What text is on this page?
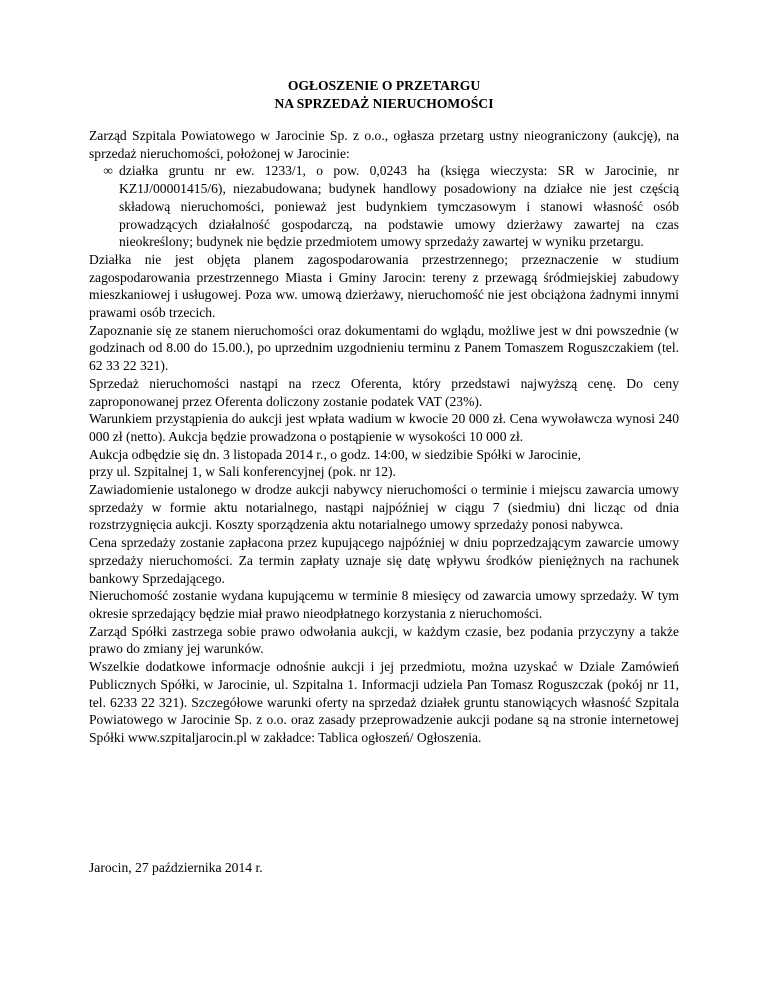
OGŁOSZENIE O PRZETARGU
NA SPRZEDAŻ NIERUCHOMOŚCI

Zarząd Szpitala Powiatowego w Jarocinie Sp. z o.o., ogłasza przetarg ustny nieograniczony (aukcję), na sprzedaż nieruchomości, położonej w Jarocinie:

∞ działka gruntu nr ew. 1233/1, o pow. 0,0243 ha (księga wieczysta: SR w Jarocinie, nr KZ1J/00001415/6), niezabudowana; budynek handlowy posadowiony na działce nie jest częścią składową nieruchomości, ponieważ jest budynkiem tymczasowym i stanowi własność osób prowadzących działalność gospodarczą, na podstawie umowy dzierżawy zawartej na czas nieokreślony; budynek nie będzie przedmiotem umowy sprzedaży zawartej w wyniku przetargu.

Działka nie jest objęta planem zagospodarowania przestrzennego; przeznaczenie w studium zagospodarowania przestrzennego Miasta i Gminy Jarocin: tereny z przewagą śródmiejskiej zabudowy mieszkaniowej i usługowej. Poza ww. umową dzierżawy, nieruchomość nie jest obciążona żadnymi innymi prawami osób trzecich.

Zapoznanie się ze stanem nieruchomości oraz dokumentami do wglądu, możliwe jest w dni powszednie (w godzinach od 8.00 do 15.00.), po uprzednim uzgodnieniu terminu z Panem Tomaszem Roguszczakiem (tel. 62 33 22 321).

Sprzedaż nieruchomości nastąpi na rzecz Oferenta, który przedstawi najwyższą cenę. Do ceny zaproponowanej przez Oferenta doliczony zostanie podatek VAT (23%).

Warunkiem przystąpienia do aukcji jest wpłata wadium w kwocie 20 000 zł. Cena wywoławcza wynosi 240 000 zł (netto). Aukcja będzie prowadzona o postąpienie w wysokości 10 000 zł.

Aukcja odbędzie się dn. 3 listopada 2014 r., o godz. 14:00, w siedzibie Spółki w Jarocinie,
przy ul. Szpitalnej 1, w Sali konferencyjnej (pok. nr 12).

Zawiadomienie ustalonego w drodze aukcji nabywcy nieruchomości o terminie i miejscu zawarcia umowy sprzedaży w formie aktu notarialnego, nastąpi najpóźniej w ciągu 7 (siedmiu) dni licząc od dnia rozstrzygnięcia aukcji. Koszty sporządzenia aktu notarialnego umowy sprzedaży ponosi nabywca.

Cena sprzedaży zostanie zapłacona przez kupującego najpóźniej w dniu poprzedzającym zawarcie umowy sprzedaży nieruchomości. Za termin zapłaty uznaje się datę wpływu środków pieniężnych na rachunek bankowy Sprzedającego.

Nieruchomość zostanie wydana kupującemu w terminie 8 miesięcy od zawarcia umowy sprzedaży. W tym okresie sprzedający będzie miał prawo nieodpłatnego korzystania z nieruchomości.

Zarząd Spółki zastrzega sobie prawo odwołania aukcji, w każdym czasie, bez podania przyczyny a także prawo do zmiany jej warunków.

Wszelkie dodatkowe informacje odnośnie aukcji i jej przedmiotu, można uzyskać w Dziale Zamówień Publicznych Spółki, w Jarocinie, ul. Szpitalna 1. Informacji udziela Pan Tomasz Roguszczak (pokój nr 11, tel. 6233 22 321). Szczegółowe warunki oferty na sprzedaż działek gruntu stanowiących własność Szpitala Powiatowego w Jarocinie Sp. z o.o. oraz zasady przeprowadzenie aukcji podane są na stronie internetowej Spółki www.szpitaljarocin.pl w zakładce: Tablica ogłoszeń/ Ogłoszenia.

Jarocin, 27 października 2014 r.
